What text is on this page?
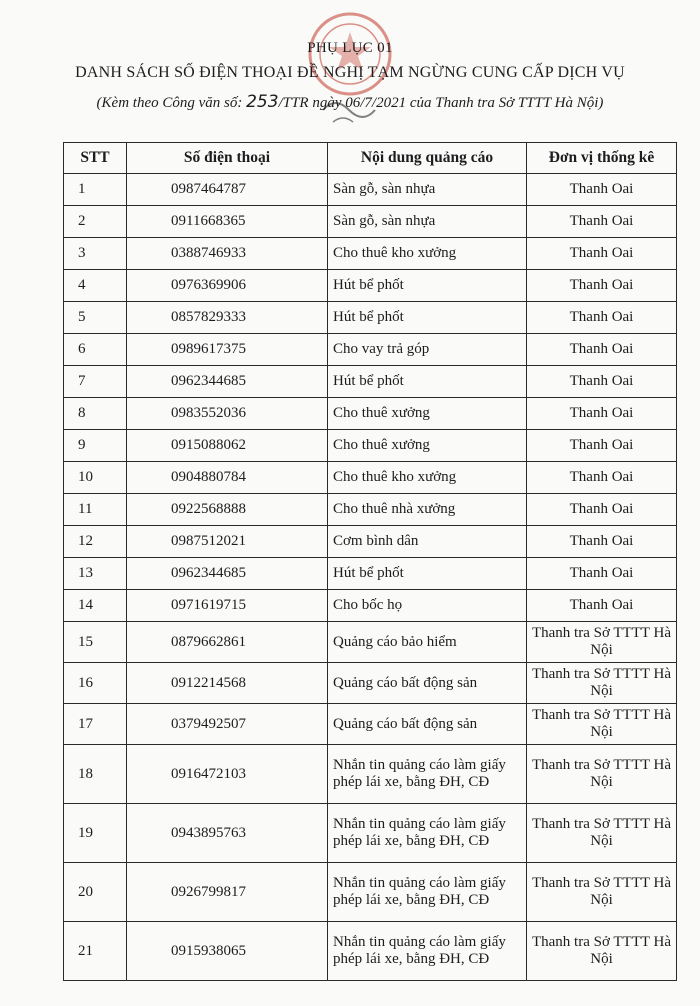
PHỤ LỤC 01
DANH SÁCH SỐ ĐIỆN THOẠI ĐỀ NGHỊ TẠM NGỪNG CUNG CẤP DỊCH VỤ
(Kèm theo Công văn số: 253/TTR ngày 06/7/2021 của Thanh tra Sở TTTT Hà Nội)
STT	Số điện thoại	Nội dung quảng cáo	Đơn vị thống kê
1	0987464787	Sàn gỗ, sàn nhựa	Thanh Oai
2	0911668365	Sàn gỗ, sàn nhựa	Thanh Oai
3	0388746933	Cho thuê kho xưởng	Thanh Oai
4	0976369906	Hút bể phốt	Thanh Oai
5	0857829333	Hút bể phốt	Thanh Oai
6	0989617375	Cho vay trả góp	Thanh Oai
7	0962344685	Hút bể phốt	Thanh Oai
8	0983552036	Cho thuê xưởng	Thanh Oai
9	0915088062	Cho thuê xưởng	Thanh Oai
10	0904880784	Cho thuê kho xưởng	Thanh Oai
11	0922568888	Cho thuê nhà xưởng	Thanh Oai
12	0987512021	Cơm bình dân	Thanh Oai
13	0962344685	Hút bể phốt	Thanh Oai
14	0971619715	Cho bốc họ	Thanh Oai
15	0879662861	Quảng cáo bảo hiểm	Thanh tra Sở TTTT Hà Nội
16	0912214568	Quảng cáo bất động sản	Thanh tra Sở TTTT Hà Nội
17	0379492507	Quảng cáo bất động sản	Thanh tra Sở TTTT Hà Nội
18	0916472103	Nhắn tin quảng cáo làm giấy phép lái xe, bằng ĐH, CĐ	Thanh tra Sở TTTT Hà Nội
19	0943895763	Nhắn tin quảng cáo làm giấy phép lái xe, bằng ĐH, CĐ	Thanh tra Sở TTTT Hà Nội
20	0926799817	Nhắn tin quảng cáo làm giấy phép lái xe, bằng ĐH, CĐ	Thanh tra Sở TTTT Hà Nội
21	0915938065	Nhắn tin quảng cáo làm giấy phép lái xe, bằng ĐH, CĐ	Thanh tra Sở TTTT Hà Nội
